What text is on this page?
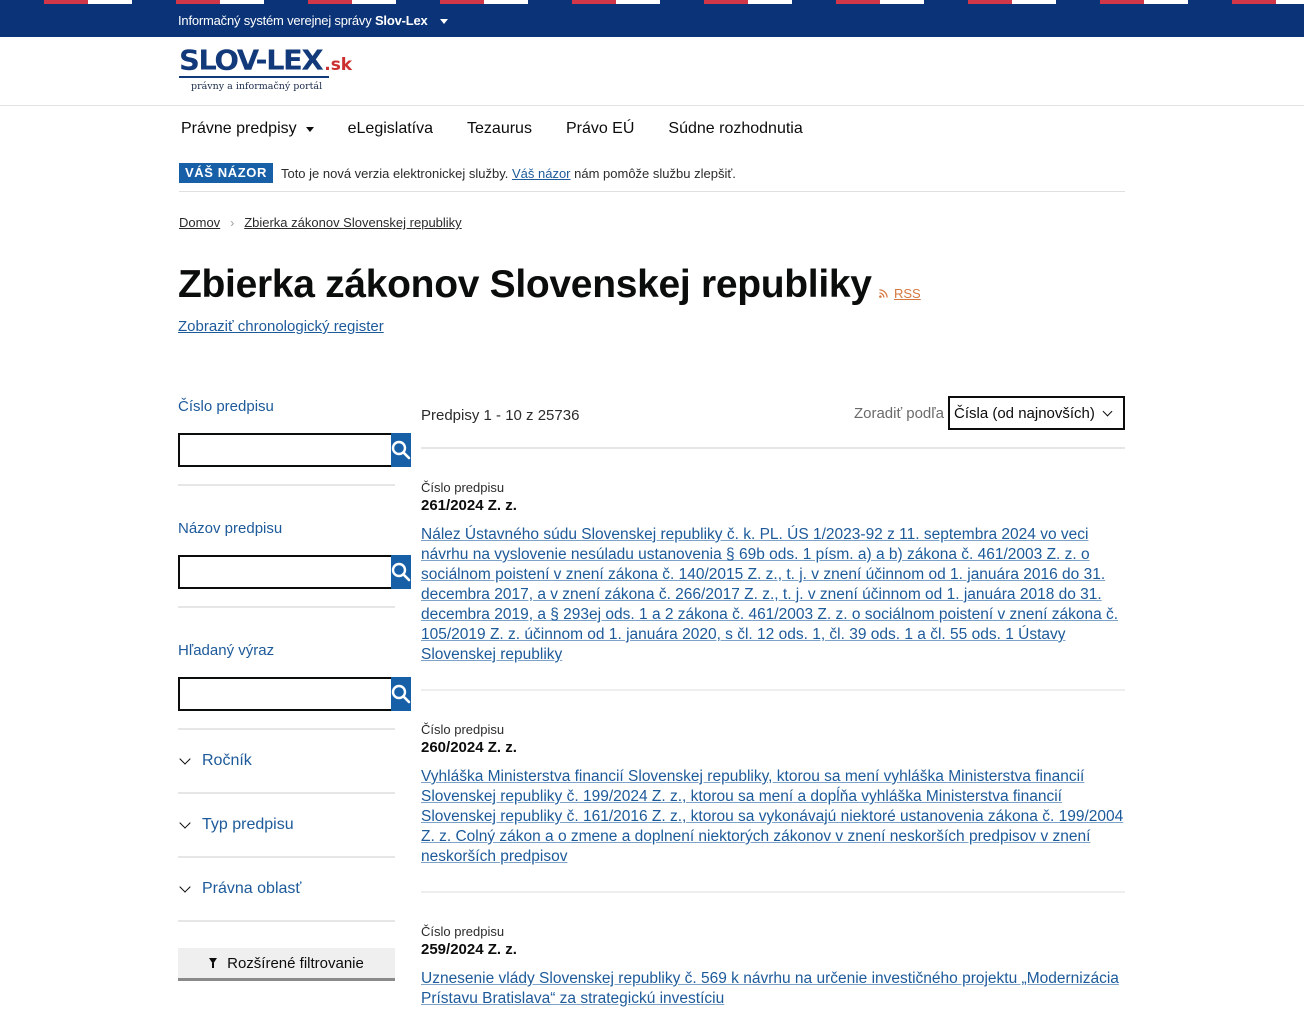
Informačný systém verejnej správy Slov-Lex
SLOV-LEX .sk
právny a informačný portál
Právne predpisy	eLegislatíva Tezaurus Právo EÚ Súdne rozhodnutia
VÁŠ NÁZOR	Toto je nová verzia elektronickej služby. Váš názor nám pomôže službu zlepšiť.
Domov › Zbierka zákonov Slovenskej republiky
Zbierka zákonov Slovenskej republiky RSS
Zobraziť chronologický register
Číslo predpisu
Názov predpisu
Hľadaný výraz
Ročník
Typ predpisu
Právna oblasť
Rozšírené filtrovanie
Predpisy 1 - 10 z 25736	Zoradiť podľa Čísla (od najnovších)
Číslo predpisu
261/2024 Z. z.
Nález Ústavného súdu Slovenskej republiky č. k. PL. ÚS 1/2023-92 z 11. septembra 2024 vo veci návrhu na vyslovenie nesúladu ustanovenia § 69b ods. 1 písm. a) a b) zákona č. 461/2003 Z. z. o sociálnom poistení v znení zákona č. 140/2015 Z. z., t. j. v znení účinnom od 1. januára 2016 do 31. decembra 2017, a v znení zákona č. 266/2017 Z. z., t. j. v znení účinnom od 1. januára 2018 do 31. decembra 2019, a § 293ej ods. 1 a 2 zákona č. 461/2003 Z. z. o sociálnom poistení v znení zákona č. 105/2019 Z. z. účinnom od 1. januára 2020, s čl. 12 ods. 1, čl. 39 ods. 1 a čl. 55 ods. 1 Ústavy Slovenskej republiky
Číslo predpisu
260/2024 Z. z.
Vyhláška Ministerstva financií Slovenskej republiky, ktorou sa mení vyhláška Ministerstva financií Slovenskej republiky č. 199/2024 Z. z., ktorou sa mení a dopĺňa vyhláška Ministerstva financií Slovenskej republiky č. 161/2016 Z. z., ktorou sa vykonávajú niektoré ustanovenia zákona č. 199/2004 Z. z. Colný zákon a o zmene a doplnení niektorých zákonov v znení neskorších predpisov v znení neskorších predpisov
Číslo predpisu
259/2024 Z. z.
Uznesenie vlády Slovenskej republiky č. 569 k návrhu na určenie investičného projektu „Modernizácia Prístavu Bratislava“ za strategickú investíciu
